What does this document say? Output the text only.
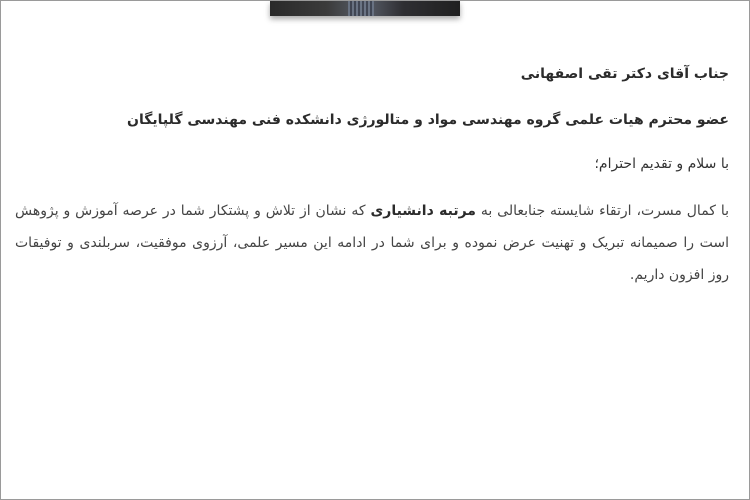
جناب آقای دکتر تقی اصفهانی
عضو محترم هیات علمی گروه مهندسی مواد و متالورژی دانشکده فنی مهندسی گلپایگان
با سلام و تقدیم احترام؛
با کمال مسرت، ارتقاء شایسته جنابعالی به مرتبه دانشیاری که نشان از تلاش و پشتکار شما در عرصه آموزش و پژوهش است را صمیمانه تبریک و تهنیت عرض نموده و برای شما در ادامه این مسیر علمی، آرزوی موفقیت، سربلندی و توفیقات روز افزون داریم.
